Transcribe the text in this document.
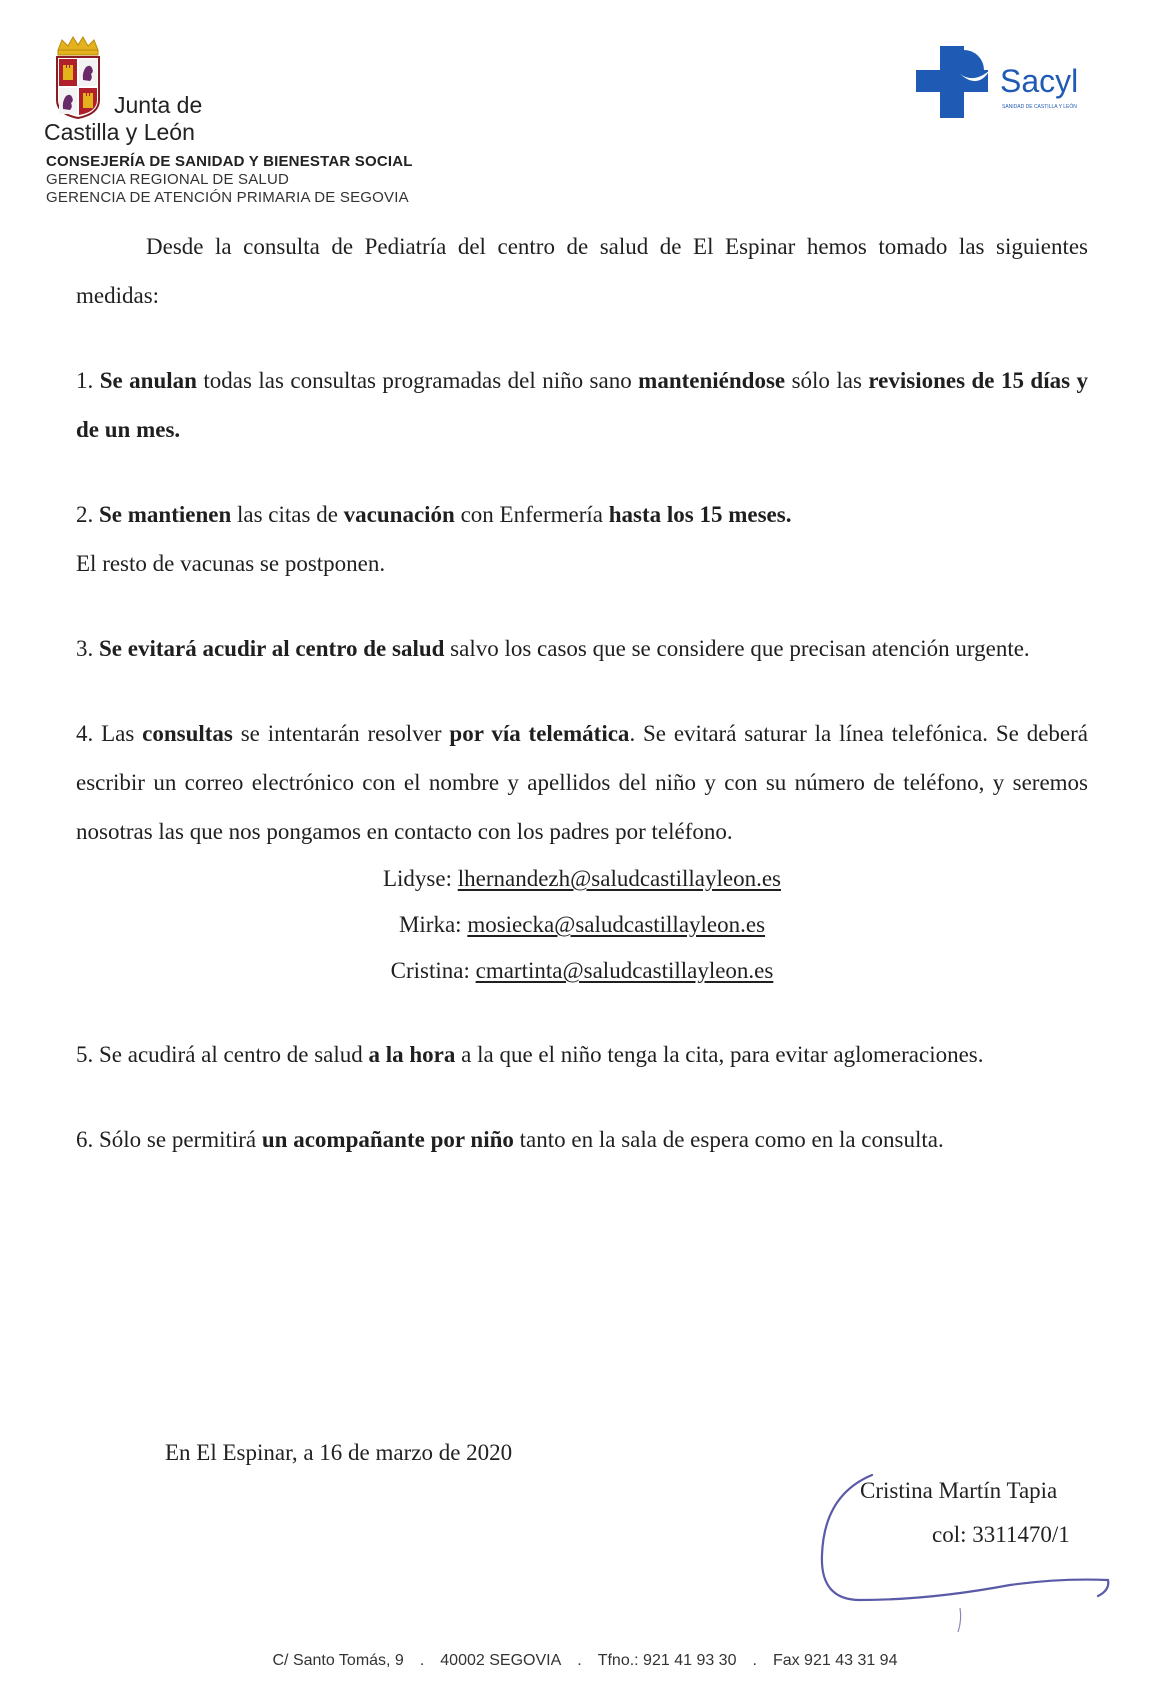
Junta de
Castilla y León
CONSEJERÍA DE SANIDAD Y BIENESTAR SOCIAL
GERENCIA REGIONAL DE SALUD
GERENCIA DE ATENCIÓN PRIMARIA DE SEGOVIA
Sacyl
SANIDAD DE CASTILLA Y LEÓN
Desde la consulta de Pediatría del centro de salud de El Espinar hemos tomado las siguientes medidas:
1. Se anulan todas las consultas programadas del niño sano manteniéndose sólo las revisiones de 15 días y de un mes.
2. Se mantienen las citas de vacunación con Enfermería hasta los 15 meses.
El resto de vacunas se postponen.
3. Se evitará acudir al centro de salud salvo los casos que se considere que precisan atención urgente.
4. Las consultas se intentarán resolver por vía telemática. Se evitará saturar la línea telefónica. Se deberá escribir un correo electrónico con el nombre y apellidos del niño y con su número de teléfono, y seremos nosotras las que nos pongamos en contacto con los padres por teléfono.
Lidyse: lhernandezh@saludcastillayleon.es
Mirka: mosiecka@saludcastillayleon.es
Cristina: cmartinta@saludcastillayleon.es
5. Se acudirá al centro de salud a la hora a la que el niño tenga la cita, para evitar aglomeraciones.
6. Sólo se permitirá un acompañante por niño tanto en la sala de espera como en la consulta.
En El Espinar, a 16 de marzo de 2020
Cristina Martín Tapia
col: 3311470/1
C/ Santo Tomás, 9 . 40002 SEGOVIA . Tfno.: 921 41 93 30 . Fax 921 43 31 94
